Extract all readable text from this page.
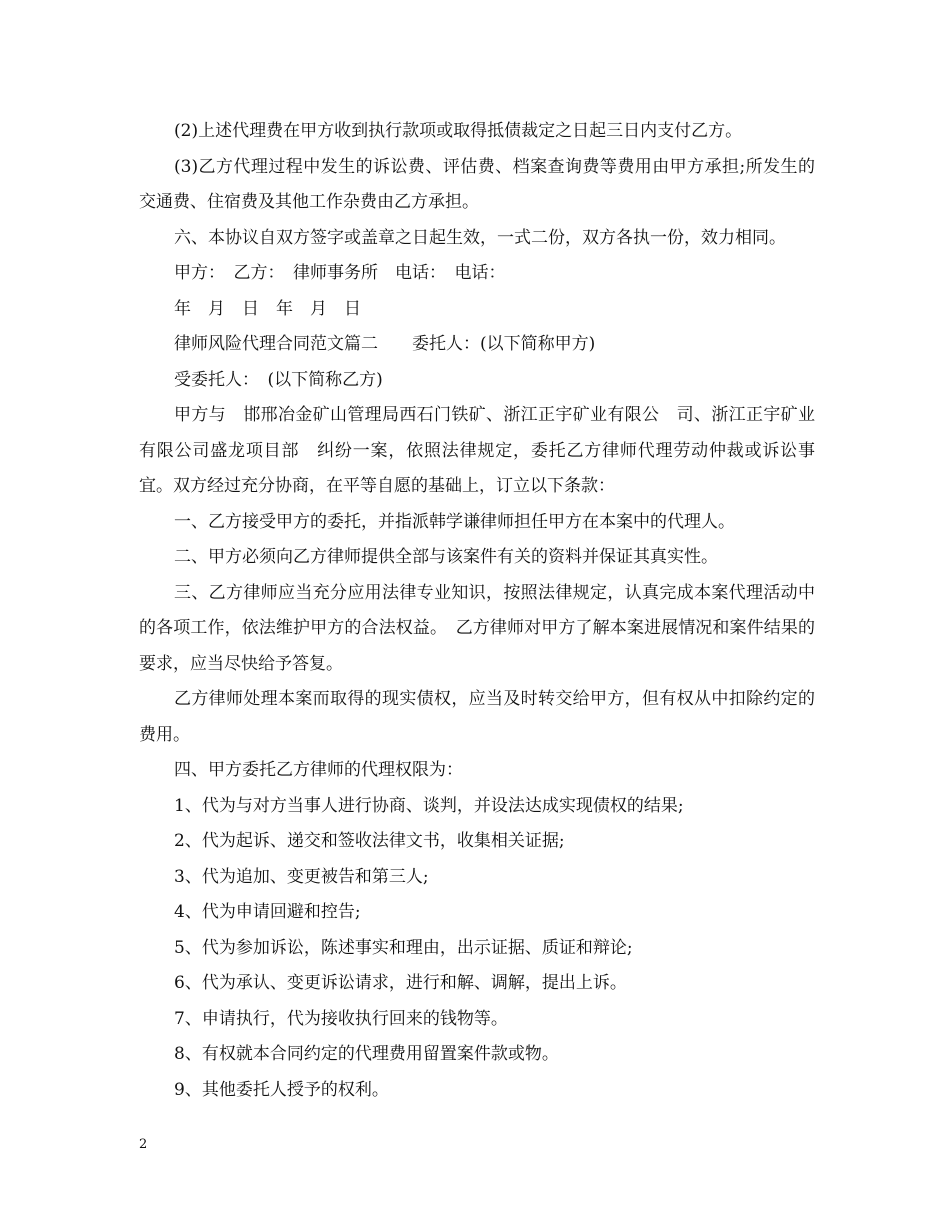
(2)上述代理费在甲方收到执行款项或取得抵债裁定之日起三日内支付乙方。

(3)乙方代理过程中发生的诉讼费、评估费、档案查询费等费用由甲方承担;所发生的交通费、住宿费及其他工作杂费由乙方承担。

六、本协议自双方签字或盖章之日起生效，一式二份，双方各执一份，效力相同。

甲方：　乙方：　律师事务所　电话：　电话：

年　月　日　年　月　日

律师风险代理合同范文篇二　　委托人：(以下简称甲方)

受委托人：　(以下简称乙方)

甲方与　邯邢冶金矿山管理局西石门铁矿、浙江正宇矿业有限公　司、浙江正宇矿业有限公司盛龙项目部　纠纷一案，依照法律规定，委托乙方律师代理劳动仲裁或诉讼事宜。双方经过充分协商，在平等自愿的基础上，订立以下条款：

一、乙方接受甲方的委托，并指派韩学谦律师担任甲方在本案中的代理人。

二、甲方必须向乙方律师提供全部与该案件有关的资料并保证其真实性。

三、乙方律师应当充分应用法律专业知识，按照法律规定，认真完成本案代理活动中的各项工作，依法维护甲方的合法权益。　乙方律师对甲方了解本案进展情况和案件结果的要求，应当尽快给予答复。

乙方律师处理本案而取得的现实债权，应当及时转交给甲方，但有权从中扣除约定的费用。

四、甲方委托乙方律师的代理权限为：

1、代为与对方当事人进行协商、谈判，并设法达成实现债权的结果;

2、代为起诉、递交和签收法律文书，收集相关证据;

3、代为追加、变更被告和第三人;

4、代为申请回避和控告;

5、代为参加诉讼，陈述事实和理由，出示证据、质证和辩论;

6、代为承认、变更诉讼请求，进行和解、调解，提出上诉。

7、申请执行，代为接收执行回来的钱物等。

8、有权就本合同约定的代理费用留置案件款或物。

9、其他委托人授予的权利。

2
